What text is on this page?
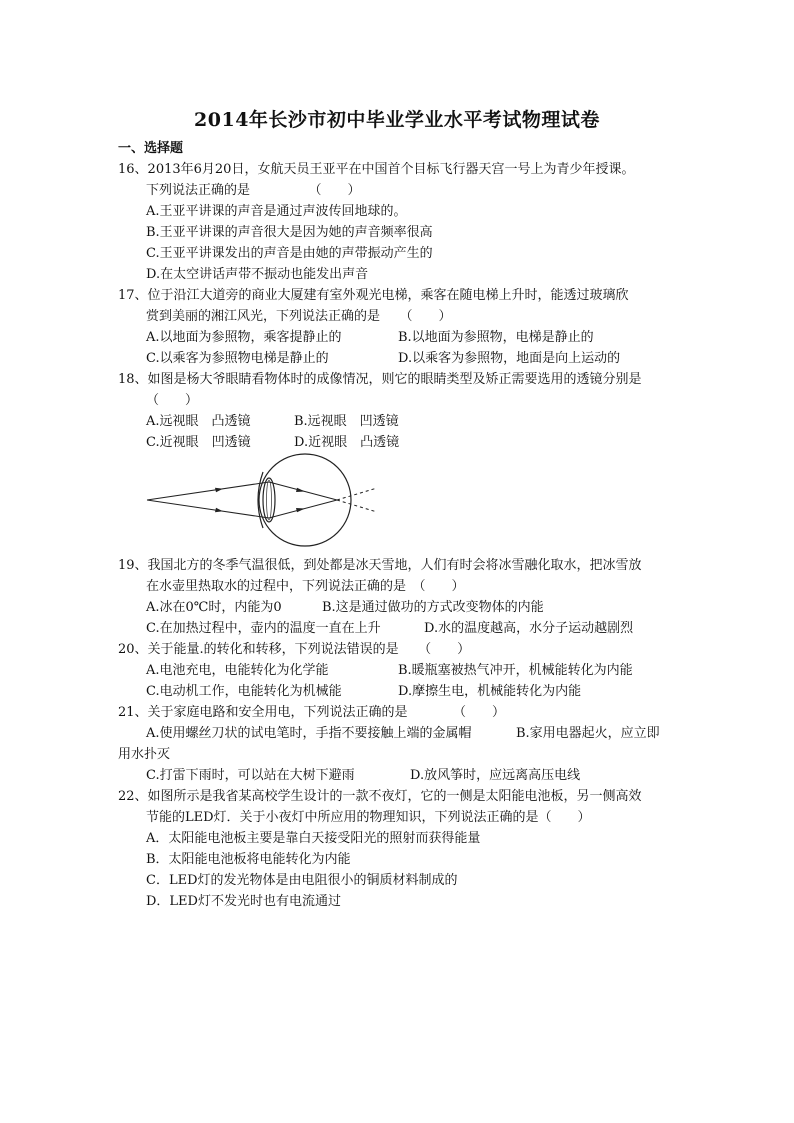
2014年长沙市初中毕业学业水平考试物理试卷
一、选择题
16、2013年6月20日，女航天员王亚平在中国首个目标飞行器天宫一号上为青少年授课。
下列说法正确的是　　　　　（　　）
A.王亚平讲课的声音是通过声波传回地球的。
B.王亚平讲课的声音很大是因为她的声音频率很高
C.王亚平讲课发出的声音是由她的声带振动产生的
D.在太空讲话声带不振动也能发出声音
17、位于沿江大道旁的商业大厦建有室外观光电梯，乘客在随电梯上升时，能透过玻璃欣
赏到美丽的湘江风光，下列说法正确的是　　（　　）
A.以地面为参照物，乘客提静止的	B.以地面为参照物，电梯是静止的
C.以乘客为参照物电梯是静止的	D.以乘客为参照物，地面是向上运动的
18、如图是杨大爷眼睛看物体时的成像情况，则它的眼睛类型及矫正需要选用的透镜分别是
（　　）
A.远视眼　凸透镜	B.远视眼　凹透镜
C.近视眼　凹透镜	D.近视眼　凸透镜
19、我国北方的冬季气温很低，到处都是冰天雪地，人们有时会将冰雪融化取水，把冰雪放
在水壶里热取水的过程中，下列说法正确的是　（　　）
A.冰在0℃时，内能为0	B.这是通过做功的方式改变物体的内能
C.在加热过程中，壶内的温度一直在上升	D.水的温度越高，水分子运动越剧烈
20、关于能量.的转化和转移，下列说法错误的是　　（　　）
A.电池充电，电能转化为化学能	B.暖瓶塞被热气冲开，机械能转化为内能
C.电动机工作，电能转化为机械能	D.摩擦生电，机械能转化为内能
21、关于家庭电路和安全用电，下列说法正确的是　　　　（　　）
A.使用螺丝刀状的试电笔时，手指不要接触上端的金属帽	B.家用电器起火，应立即
用水扑灭
C.打雷下雨时，可以站在大树下避雨	D.放风筝时，应远离高压电线
22、如图所示是我省某高校学生设计的一款不夜灯，它的一侧是太阳能电池板，另一侧高效
节能的LED灯．关于小夜灯中所应用的物理知识，下列说法正确的是（　　）
A．太阳能电池板主要是靠白天接受阳光的照射而获得能量
B．太阳能电池板将电能转化为内能
C．LED灯的发光物体是由电阻很小的铜质材料制成的
D．LED灯不发光时也有电流通过
